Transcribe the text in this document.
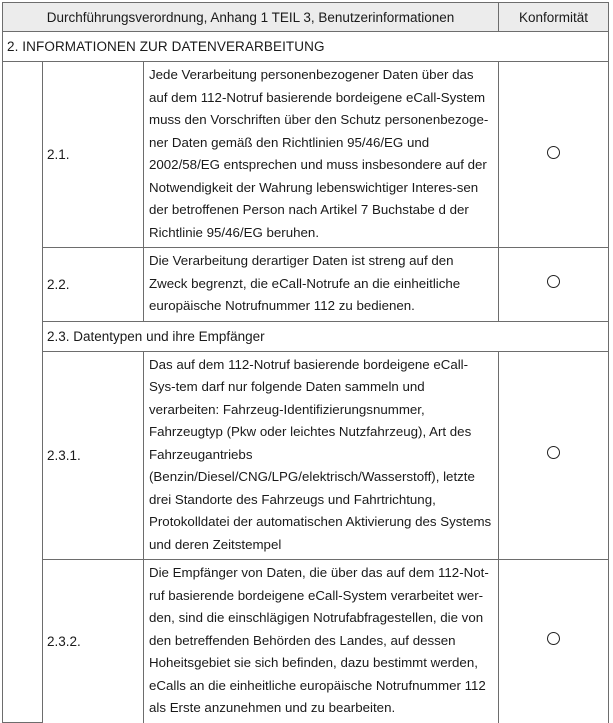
Durchführungsverordnung, Anhang 1 TEIL 3, Benutzerinformationen			Konformität
2. INFORMATIONEN ZUR DATENVERARBEITUNG			
	2.1.	Jede Verarbeitung personenbezogener Daten über das auf dem 112-Notruf basierende bordeigene eCall-System muss den Vorschriften über den Schutz personenbezoge-ner Daten gemäß den Richtlinien 95/46/EG und 2002/58/EG entsprechen und muss insbesondere auf der Notwendigkeit der Wahrung lebenswichtiger Interes-sen der betroffenen Person nach Artikel 7 Buchstabe d der Richtlinie 95/46/EG beruhen.	
	2.2.	Die Verarbeitung derartiger Daten ist streng auf den Zweck begrenzt, die eCall-Notrufe an die einheitliche europäische Notrufnummer 112 zu bedienen.	
	2.3. Datentypen und ihre Empfänger		
	2.3.1.	Das auf dem 112-Notruf basierende bordeigene eCall-Sys-tem darf nur folgende Daten sammeln und verarbeiten: Fahrzeug-Identifizierungsnummer, Fahrzeugtyp (Pkw oder leichtes Nutzfahrzeug), Art des Fahrzeugantriebs (Benzin/Diesel/CNG/LPG/elektrisch/Wasserstoff), letzte drei Standorte des Fahrzeugs und Fahrtrichtung, Protokolldatei der automatischen Aktivierung des Systems und deren Zeitstempel	
	2.3.2.	Die Empfänger von Daten, die über das auf dem 112-Not-ruf basierende bordeigene eCall-System verarbeitet wer-den, sind die einschlägigen Notrufabfragestellen, die von den betreffenden Behörden des Landes, auf dessen Hoheitsgebiet sie sich befinden, dazu bestimmt werden, eCalls an die einheitliche europäische Notrufnummer 112 als Erste anzunehmen und zu bearbeiten.	
